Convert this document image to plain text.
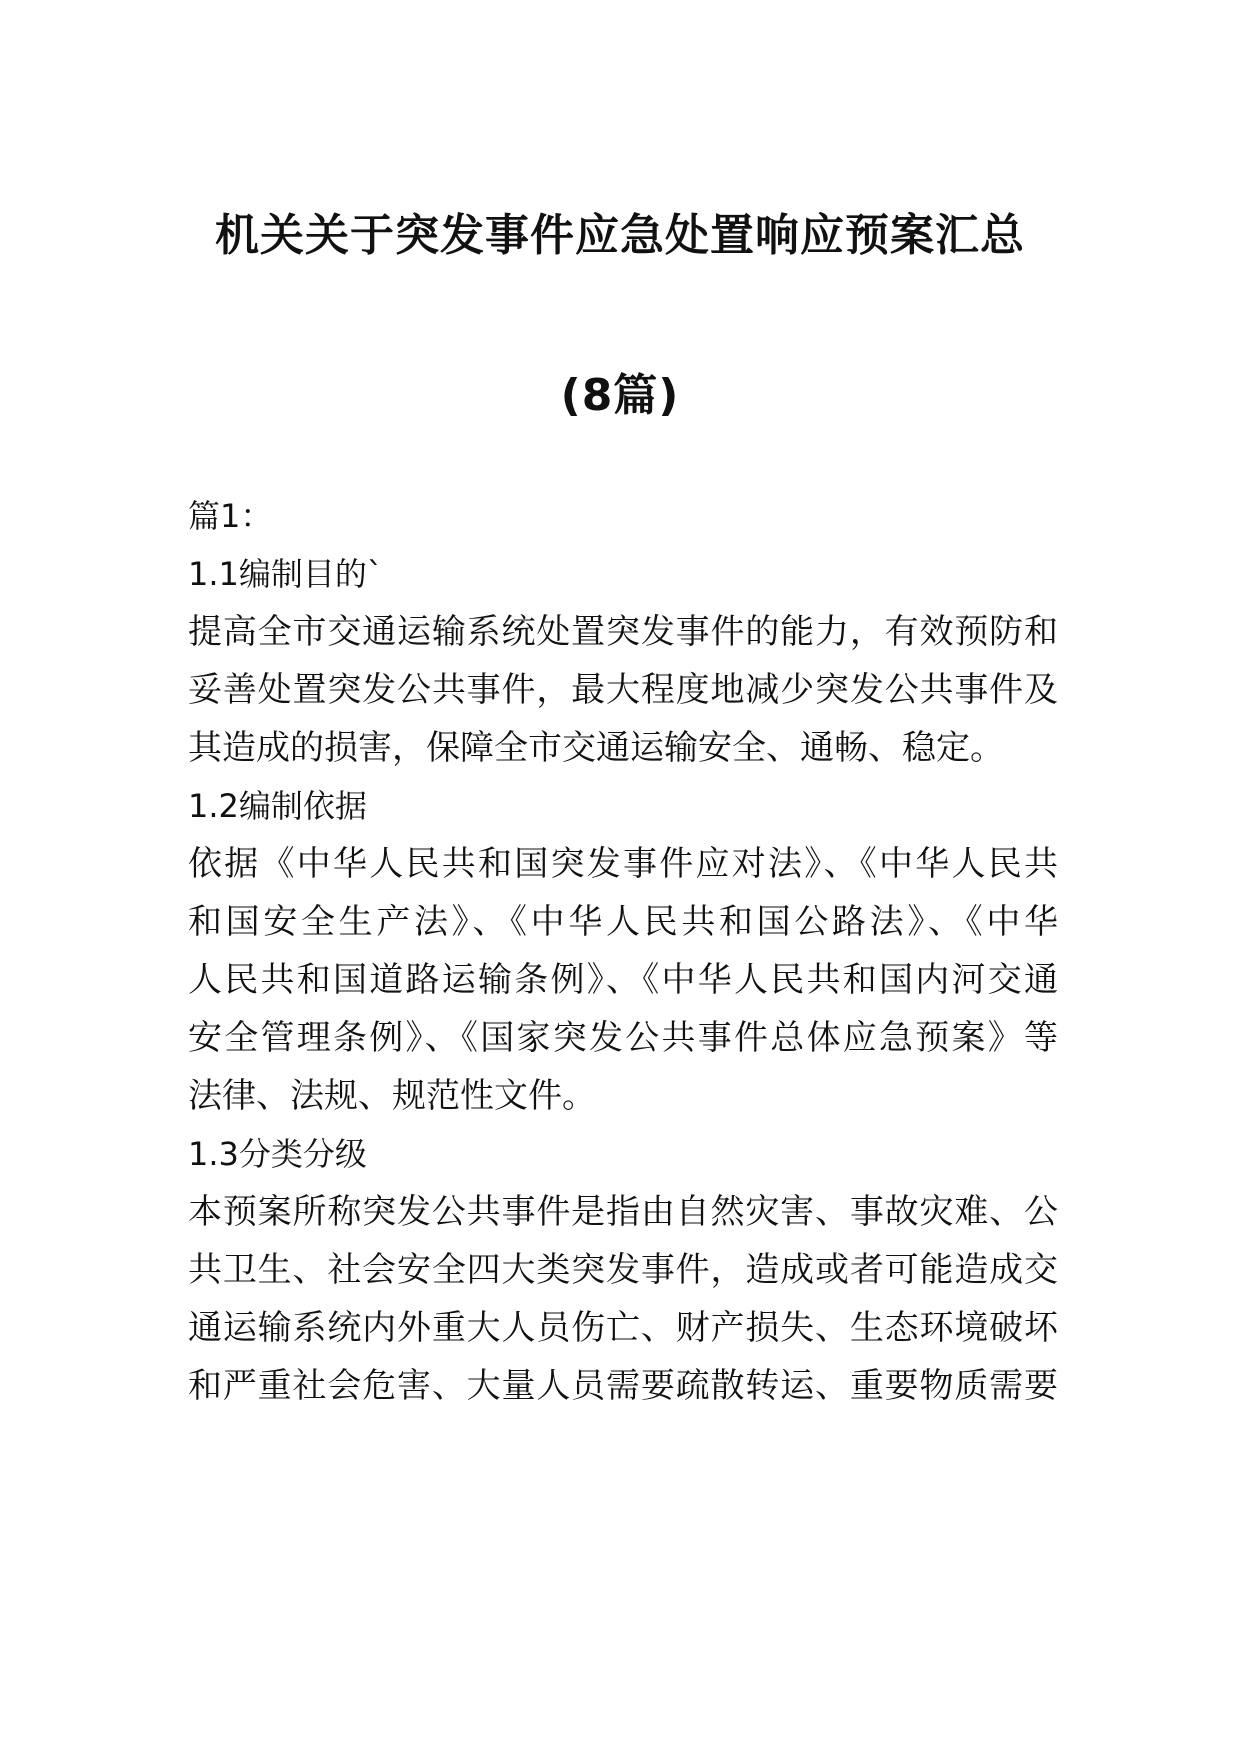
机关关于突发事件应急处置响应预案汇总
(8篇)
篇1：
1.1编制目的`
提高全市交通运输系统处置突发事件的能力，有效预防和
妥善处置突发公共事件，最大程度地减少突发公共事件及
其造成的损害，保障全市交通运输安全、通畅、稳定。
1.2编制依据
依据《中华人民共和国突发事件应对法》、《中华人民共
和国安全生产法》、《中华人民共和国公路法》、《中华
人民共和国道路运输条例》、《中华人民共和国内河交通
安全管理条例》、《国家突发公共事件总体应急预案》等
法律、法规、规范性文件。
1.3分类分级
本预案所称突发公共事件是指由自然灾害、事故灾难、公
共卫生、社会安全四大类突发事件，造成或者可能造成交
通运输系统内外重大人员伤亡、财产损失、生态环境破坏
和严重社会危害、大量人员需要疏散转运、重要物质需要
